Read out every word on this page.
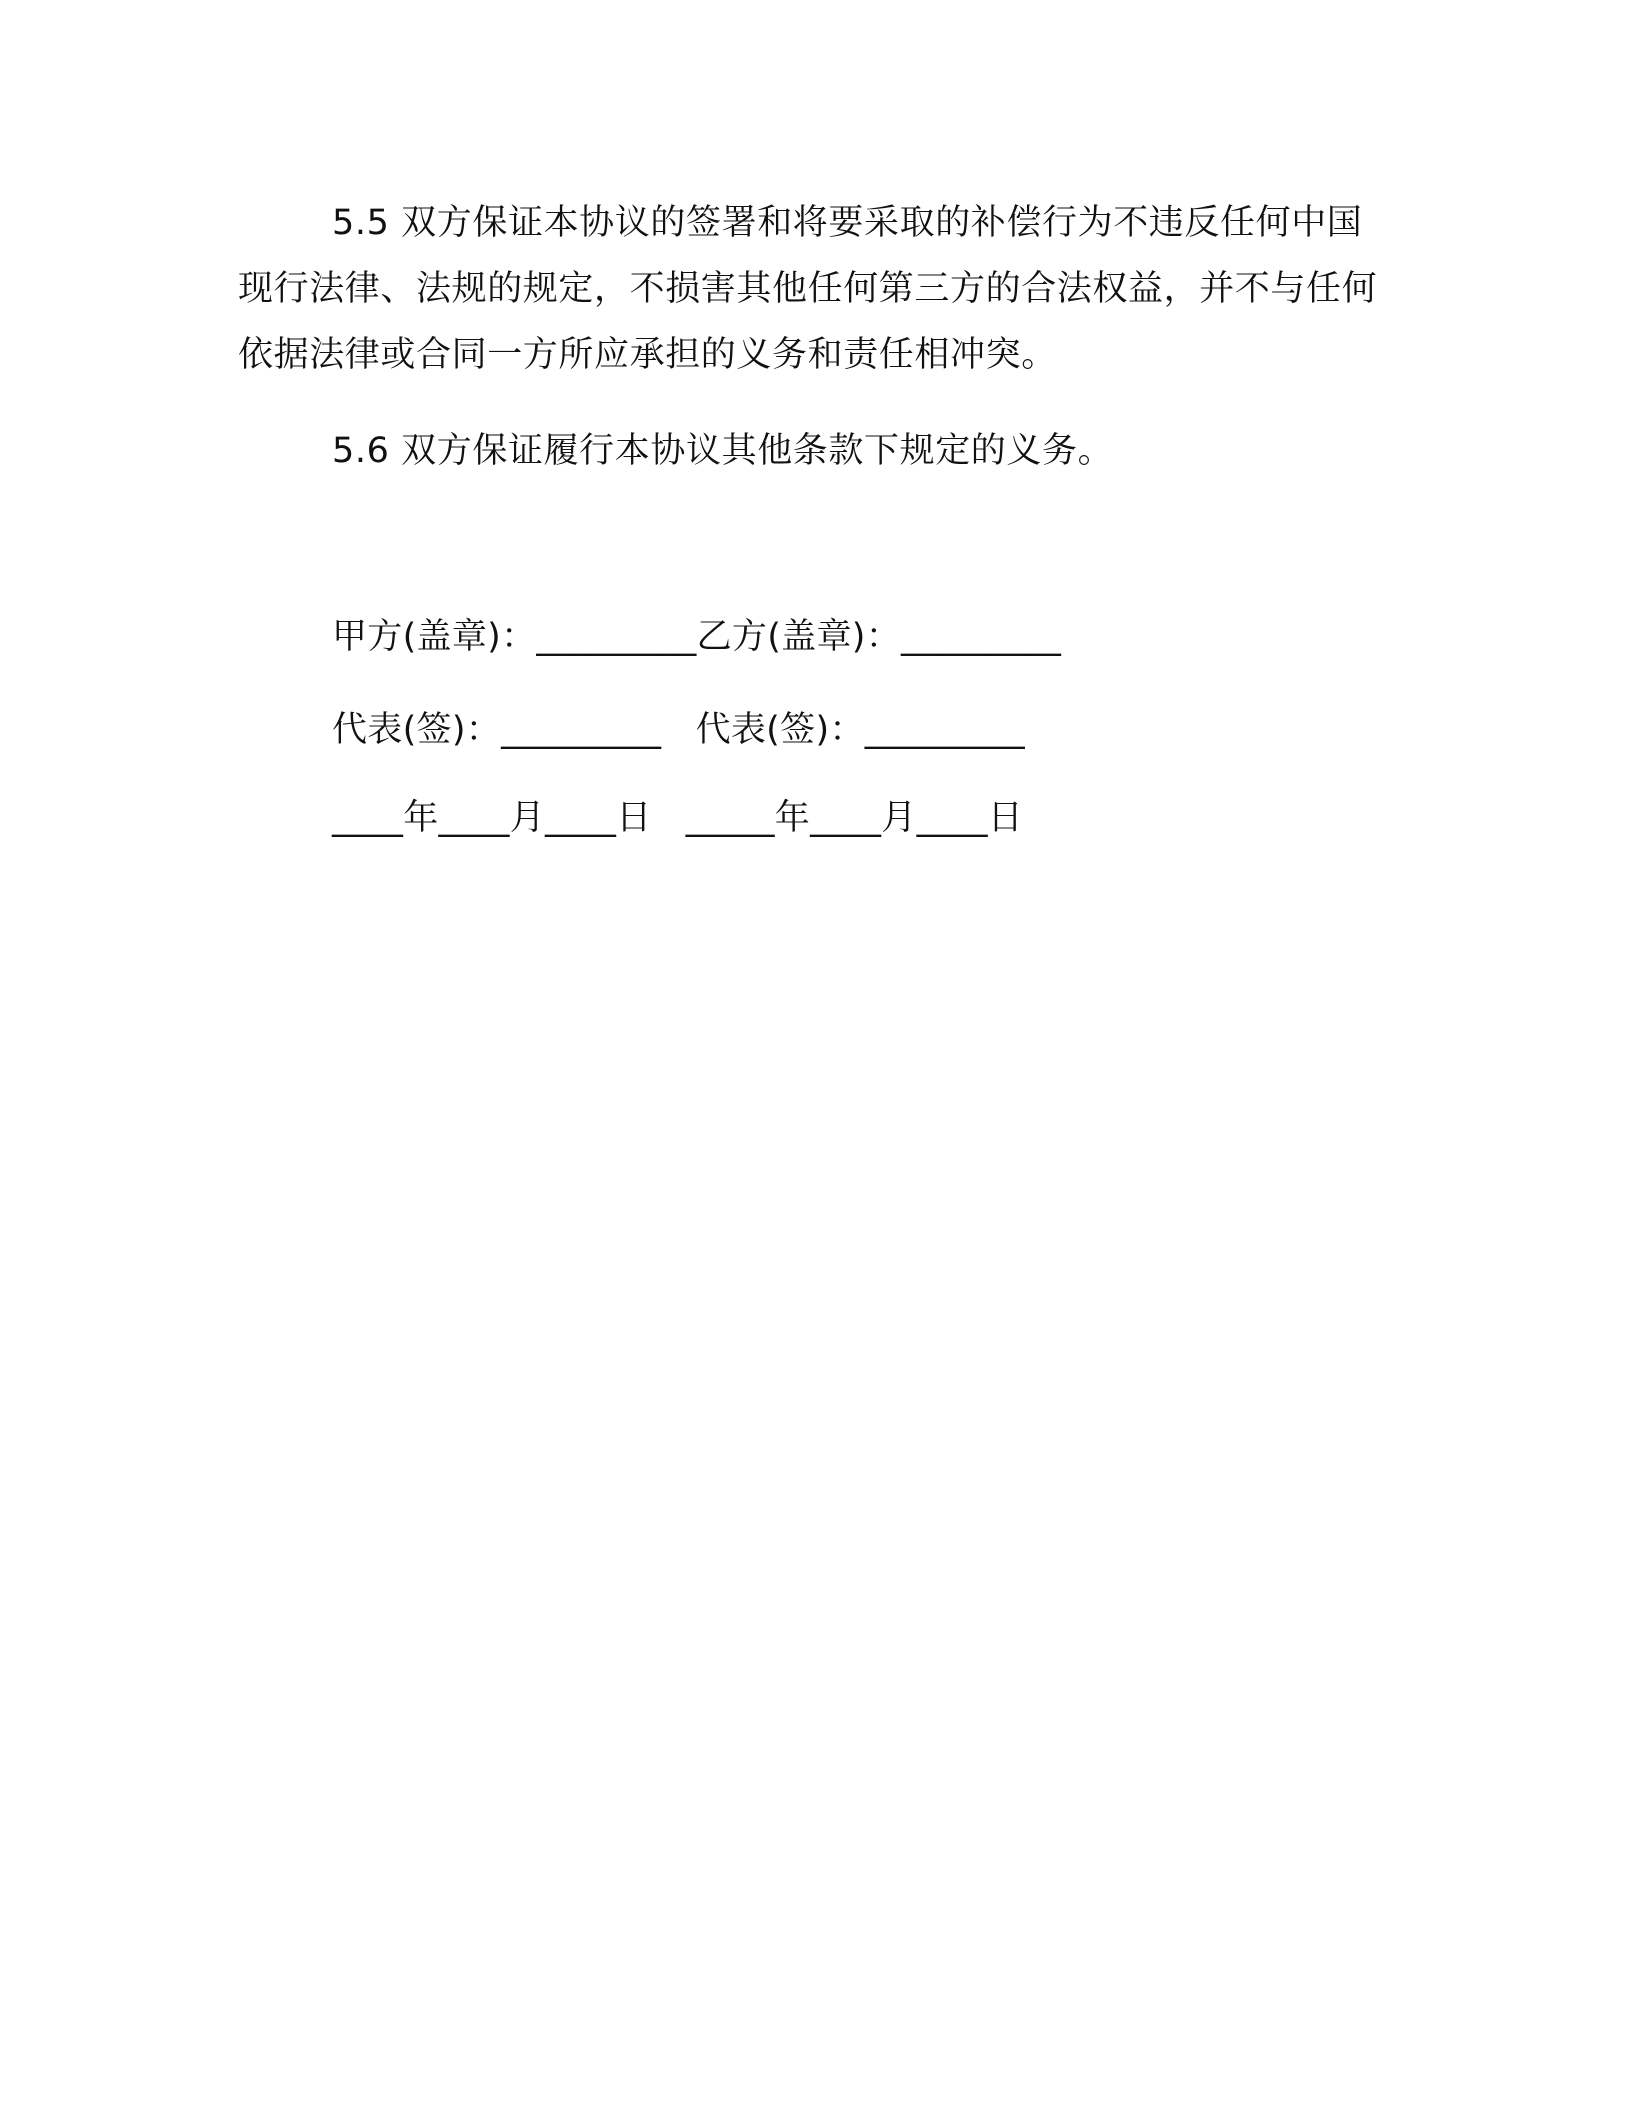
5.5 双方保证本协议的签署和将要采取的补偿行为不违反任何中国现行法律、法规的规定，不损害其他任何第三方的合法权益，并不与任何依据法律或合同一方所应承担的义务和责任相冲突。

5.6 双方保证履行本协议其他条款下规定的义务。

甲方(盖章)：_________乙方(盖章)：_________
代表(签)：_________   代表(签)：_________
____年____月____日   _____年____月____日
